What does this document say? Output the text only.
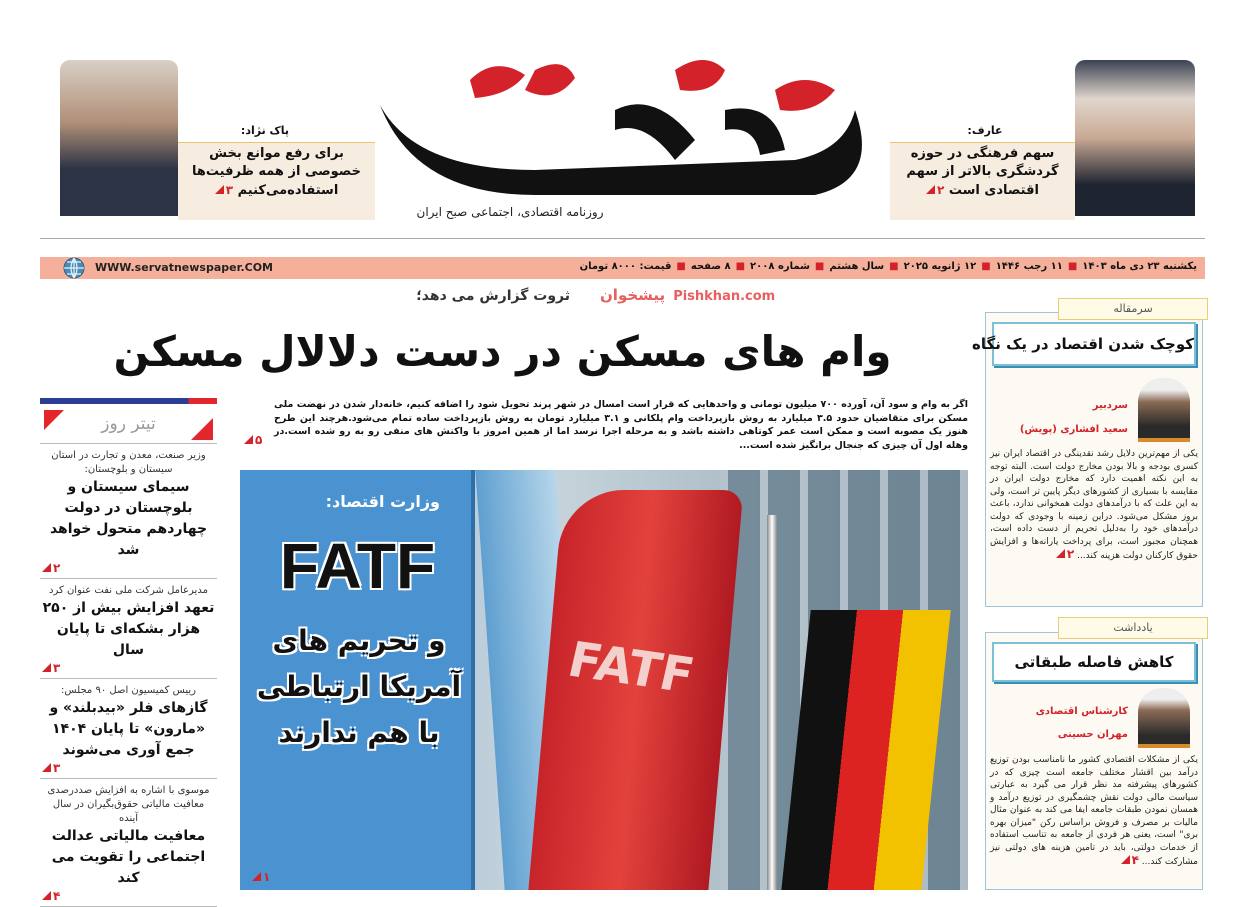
پاک نژاد:
برای رفع موانع بخش خصوصی از همه ظرفیت‌ها استفاده‌می‌کنیم ۳
روزنامه اقتصادی، اجتماعی صبح ایران
عارف:
سهم فرهنگی در حوزه گردشگری بالاتر از سهم اقتصادی است ۲
WWW.servatnewspaper.COM	یکشنبه ۲۳ دی ماه ۱۴۰۳
■
۱۱ رجب ۱۴۴۶
■
۱۲ ژانویه ۲۰۲۵
■
سال هشتم
■
شماره ۲۰۰۸
■
۸ صفحه
■
قیمت: ۸۰۰۰ تومان
ثروت گزارش می دهد؛ پیشخوان Pishkhan.com
وام های مسکن در دست دلالال مسکن
اگر به وام و سود آن، آورده ۷۰۰ میلیون تومانی و واحدهایی که قرار است امسال در شهر پرند تحویل شود را اضافه کنیم، خانه‌دار شدن در نهضت ملی مسکن برای متقاضیان حدود ۳.۵ میلیارد به روش بازپرداخت وام پلکانی و ۳.۱ میلیارد تومان به روش بازپرداخت ساده تمام می‌شود.هرچند این طرح هنوز یک مصوبه است و ممکن است عمر کوتاهی داشته باشد و به مرحله اجرا نرسد اما از همین امروز با واکنش های منفی رو به رو شده است.در وهله اول آن چیزی که جنجال برانگیز شده است...
۵
FATF
وزارت اقتصاد:
FATF
و تحریم های آمریکا ارتباطی با هم ندارند
۱
تیتر روز
وزیر صنعت، معدن و تجارت در استان سیستان و بلوچستان:
سیمای سیستان و بلوچستان در دولت چهاردهم متحول خواهد شد
۲
مدیرعامل شرکت ملی نفت عنوان کرد
تعهد افزایش بیش از ۲۵۰ هزار بشکه‌ای تا پایان سال
۳
رییس کمیسیون اصل ۹۰ مجلس:
گازهای فلر «بیدبلند» و «مارون» تا پایان ۱۴۰۴ جمع آوری می‌شوند
۳
موسوی با اشاره به افزایش صددرصدی معافیت مالیاتی حقوق‌بگیران در سال آینده
معافیت مالیاتی عدالت اجتماعی را تقویت می کند
۴
سرمقاله
کوچک شدن اقتصاد در یک نگاه
سردبیر
سعید افشاری (پویش)
یکی از مهم‌ترین دلایل رشد نقدینگی در اقتصاد ایران نیز کسری بودجه و بالا بودن مخارج دولت است. البته توجه به این نکته اهمیت دارد که مخارج دولت ایران در مقایسه با بسیاری از کشورهای دیگر پایین تر است، ولی به این علت که با درآمدهای دولت همخوانی ندارد، باعث بروز مشکل می‌شود. دراین زمینه با وجودی که دولت درآمدهای خود را به‌دلیل تحریم از دست داده است، همچنان مجبور است، برای پرداخت یارانه‌ها و افزایش حقوق کارکنان دولت هزینه کند... ۲
یادداشت
کاهش فاصله طبقاتی
کارشناس اقتصادی
مهران حسینی
یکی از مشکلات اقتصادی کشور ما نامناسب بودن توزیع درآمد بین اقشار مختلف جامعه است چیزی که در کشورهای پیشرفته مد نظر قرار می گیرد به عبارتی سیاست مالی دولت نقش چشمگیری در توزیع درآمد و همسان نمودن طبقات جامعه ایفا می کند به عنوان مثال مالیات بر مصرف و فروش براساس رکن "میزان بهره بری" است، یعنی هر فردی از جامعه به تناسب استفاده از خدمات دولتی، باید در تامین هزینه های دولتی نیز مشارکت کند... ۴
